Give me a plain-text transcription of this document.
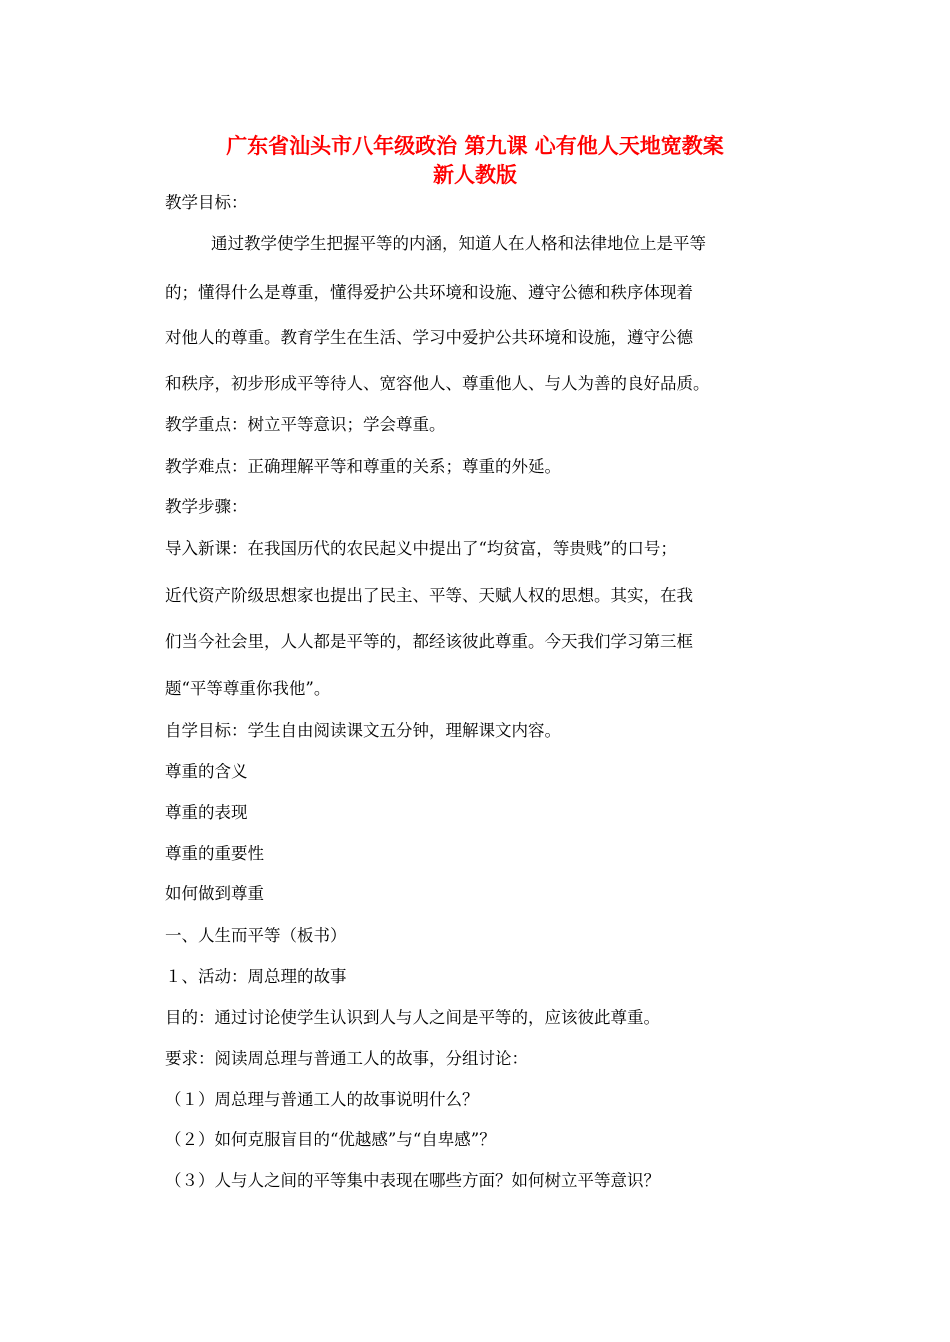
广东省汕头市八年级政治 第九课 心有他人天地宽教案
新人教版
教学目标：
通过教学使学生把握平等的内涵，知道人在人格和法律地位上是平等
的；懂得什么是尊重，懂得爱护公共环境和设施、遵守公德和秩序体现着
对他人的尊重。教育学生在生活、学习中爱护公共环境和设施，遵守公德
和秩序，初步形成平等待人、宽容他人、尊重他人、与人为善的良好品质。
教学重点：树立平等意识；学会尊重。
教学难点：正确理解平等和尊重的关系；尊重的外延。
教学步骤：
导入新课：在我国历代的农民起义中提出了“均贫富，等贵贱”的口号；
近代资产阶级思想家也提出了民主、平等、天赋人权的思想。其实，在我
们当今社会里，人人都是平等的，都经该彼此尊重。今天我们学习第三框
题“平等尊重你我他”。
自学目标：学生自由阅读课文五分钟，理解课文内容。
尊重的含义
尊重的表现
尊重的重要性
如何做到尊重
一、人生而平等（板书）
１、活动：周总理的故事
目的：通过讨论使学生认识到人与人之间是平等的，应该彼此尊重。
要求：阅读周总理与普通工人的故事，分组讨论：
（１）周总理与普通工人的故事说明什么？
（２）如何克服盲目的“优越感”与“自卑感”？
（３）人与人之间的平等集中表现在哪些方面？如何树立平等意识？
